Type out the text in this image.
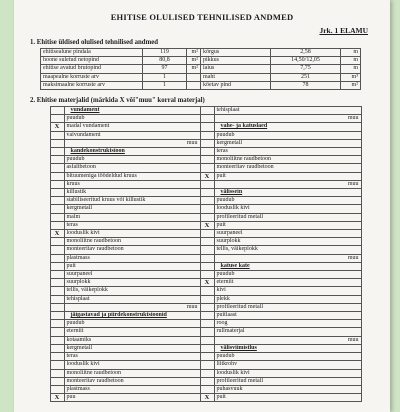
EHITISE OLULISED TEHNILISED ANDMED
Jrk. 1 ELAMU
1. Ehitise üldised olulised tehnilised andmed
ehitisealune pindala	119	m²	kõrgus	2,58	m
hoone suletud netopind	80,8	m²	pikkus	14,50/12,05	m
ehitise avatud brutopind	97	m²	laius	7,75	m
maapealne korruste arv	1		maht	251	m³
maksimaalne korruste arv	1		köetav pind	78	m²
2. Ehitise materjalid (märkida X või"muu" korral materjal)
		vundament		tehisplaat
		puudub		muu
	X	madal vundament		vahe- ja katuslaed
		vaivundament		puudub
		muu		kergmetall
		kandekonstruktsioon		teras
		puudub		monoliitne raudbetoon
		asfaltbetoon		monteeritav raudbetoon
		bituumeniga töödeldud kruus	X	puit
		kruus		muu
		killustik		välissein
		stabiliseeritud kruus või killustik		puudub
		kergmetall		looduslik kivi
		malm		profileeritud metall
		teras	X	puit
	X	looduslik kivi		suurpaneel
		monoliitne raudbetoon		suurplokk
		monteeritav raudbetoon		tellis, väikeplokk
		plastmass		muu
		puit		katuse kate
		suurpaneel		puudub
		suurplokk	X	eterniit
		tellis, väikeplokk		kivi
		tehisplaat		plekk
		muu		profileeritud metall
		jäigastavad ja piirdekonstruktsioonid		puitlaast
		puudub		roog
		eterniit		rullmaterjal
		kotaamiks		muu
		kergmetall		välisviimistlus
		teras		puudub
		looduslik kivi		liitkrohv
		monoliitne raudbetoon		looduslik kivi
		monteeritav raudbetoon		profileeritud metall
		plastmass		puhasvuuk
	X	puu	X	puit
